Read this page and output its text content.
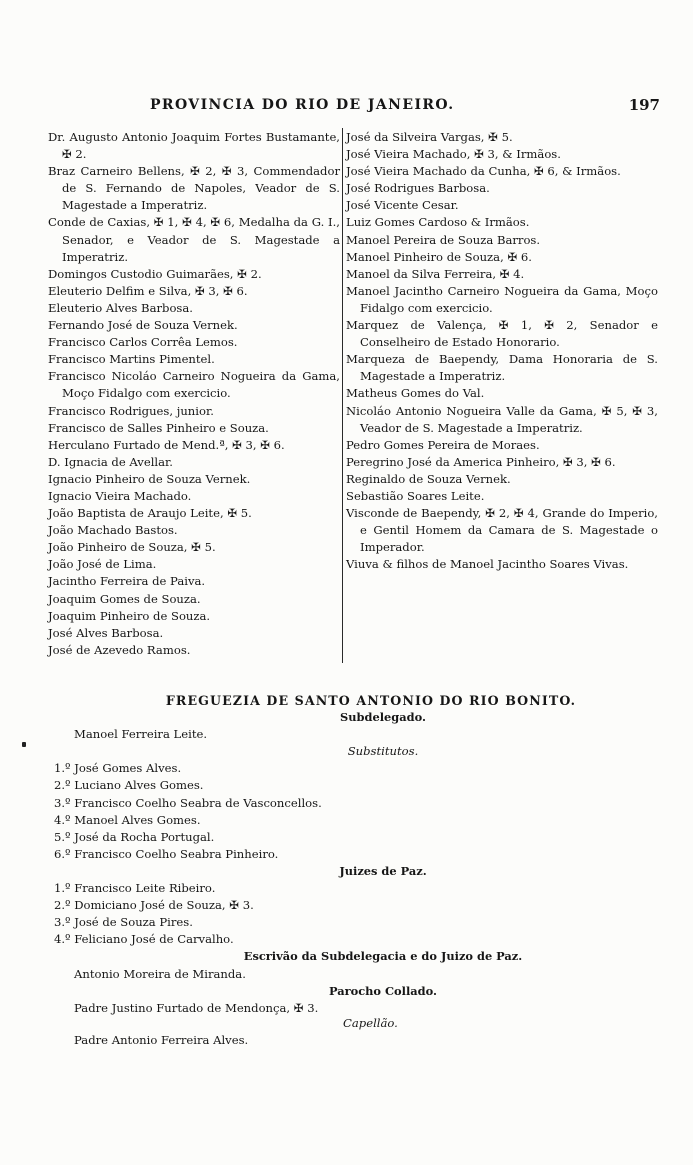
PROVINCIA DO RIO DE JANEIRO.	197

Dr. Augusto Antonio Joaquim Fortes Bustamante, ✠ 2.

Braz Carneiro Bellens, ✠ 2, ✠ 3, Commendador de S. Fernando de Napoles, Veador de S. Magestade a Imperatriz.

Conde de Caxias, ✠ 1, ✠ 4, ✠ 6, Medalha da G. I., Senador, e Veador de S. Magestade a Imperatriz.

Domingos Custodio Guimarães, ✠ 2.

Eleuterio Delfim e Silva, ✠ 3, ✠ 6.

Eleuterio Alves Barbosa.

Fernando José de Souza Vernek.

Francisco Carlos Corrêa Lemos.

Francisco Martins Pimentel.

Francisco Nicoláo Carneiro Nogueira da Gama, Moço Fidalgo com exercicio.

Francisco Rodrigues, junior.

Francisco de Salles Pinheiro e Souza.

Herculano Furtado de Mend.ª, ✠ 3, ✠ 6.

D. Ignacia de Avellar.

Ignacio Pinheiro de Souza Vernek.

Ignacio Vieira Machado.

João Baptista de Araujo Leite, ✠ 5.

João Machado Bastos.

João Pinheiro de Souza, ✠ 5.

João José de Lima.

Jacintho Ferreira de Paiva.

Joaquim Gomes de Souza.

Joaquim Pinheiro de Souza.

José Alves Barbosa.

José de Azevedo Ramos.

José da Silveira Vargas, ✠ 5.

José Vieira Machado, ✠ 3, & Irmãos.

José Vieira Machado da Cunha, ✠ 6, & Irmãos.

José Rodrigues Barbosa.

José Vicente Cesar.

Luiz Gomes Cardoso & Irmãos.

Manoel Pereira de Souza Barros.

Manoel Pinheiro de Souza, ✠ 6.

Manoel da Silva Ferreira, ✠ 4.

Manoel Jacintho Carneiro Nogueira da Gama, Moço Fidalgo com exercicio.

Marquez de Valença, ✠ 1, ✠ 2, Senador e Conselheiro de Estado Honorario.

Marqueza de Baependy, Dama Honoraria de S. Magestade a Imperatriz.

Matheus Gomes do Val.

Nicoláo Antonio Nogueira Valle da Gama, ✠ 5, ✠ 3, Veador de S. Magestade a Imperatriz.

Pedro Gomes Pereira de Moraes.

Peregrino José da America Pinheiro, ✠ 3, ✠ 6.

Reginaldo de Souza Vernek.

Sebastião Soares Leite.

Visconde de Baependy, ✠ 2, ✠ 4, Grande do Imperio, e Gentil Homem da Camara de S. Magestade o Imperador.

Viuva & filhos de Manoel Jacintho Soares Vivas.

FREGUEZIA DE SANTO ANTONIO DO RIO BONITO.
Subdelegado.
Manoel Ferreira Leite.
Substitutos.
1.º José Gomes Alves.
2.º Luciano Alves Gomes.
3.º Francisco Coelho Seabra de Vasconcellos.
4.º Manoel Alves Gomes.
5.º José da Rocha Portugal.
6.º Francisco Coelho Seabra Pinheiro.
Juizes de Paz.
1.º Francisco Leite Ribeiro.
2.º Domiciano José de Souza, ✠ 3.
3.º José de Souza Pires.
4.º Feliciano José de Carvalho.
Escrivão da Subdelegacia e do Juizo de Paz.
Antonio Moreira de Miranda.
Parocho Collado.
Padre Justino Furtado de Mendonça, ✠ 3.
Capellão.
Padre Antonio Ferreira Alves.
